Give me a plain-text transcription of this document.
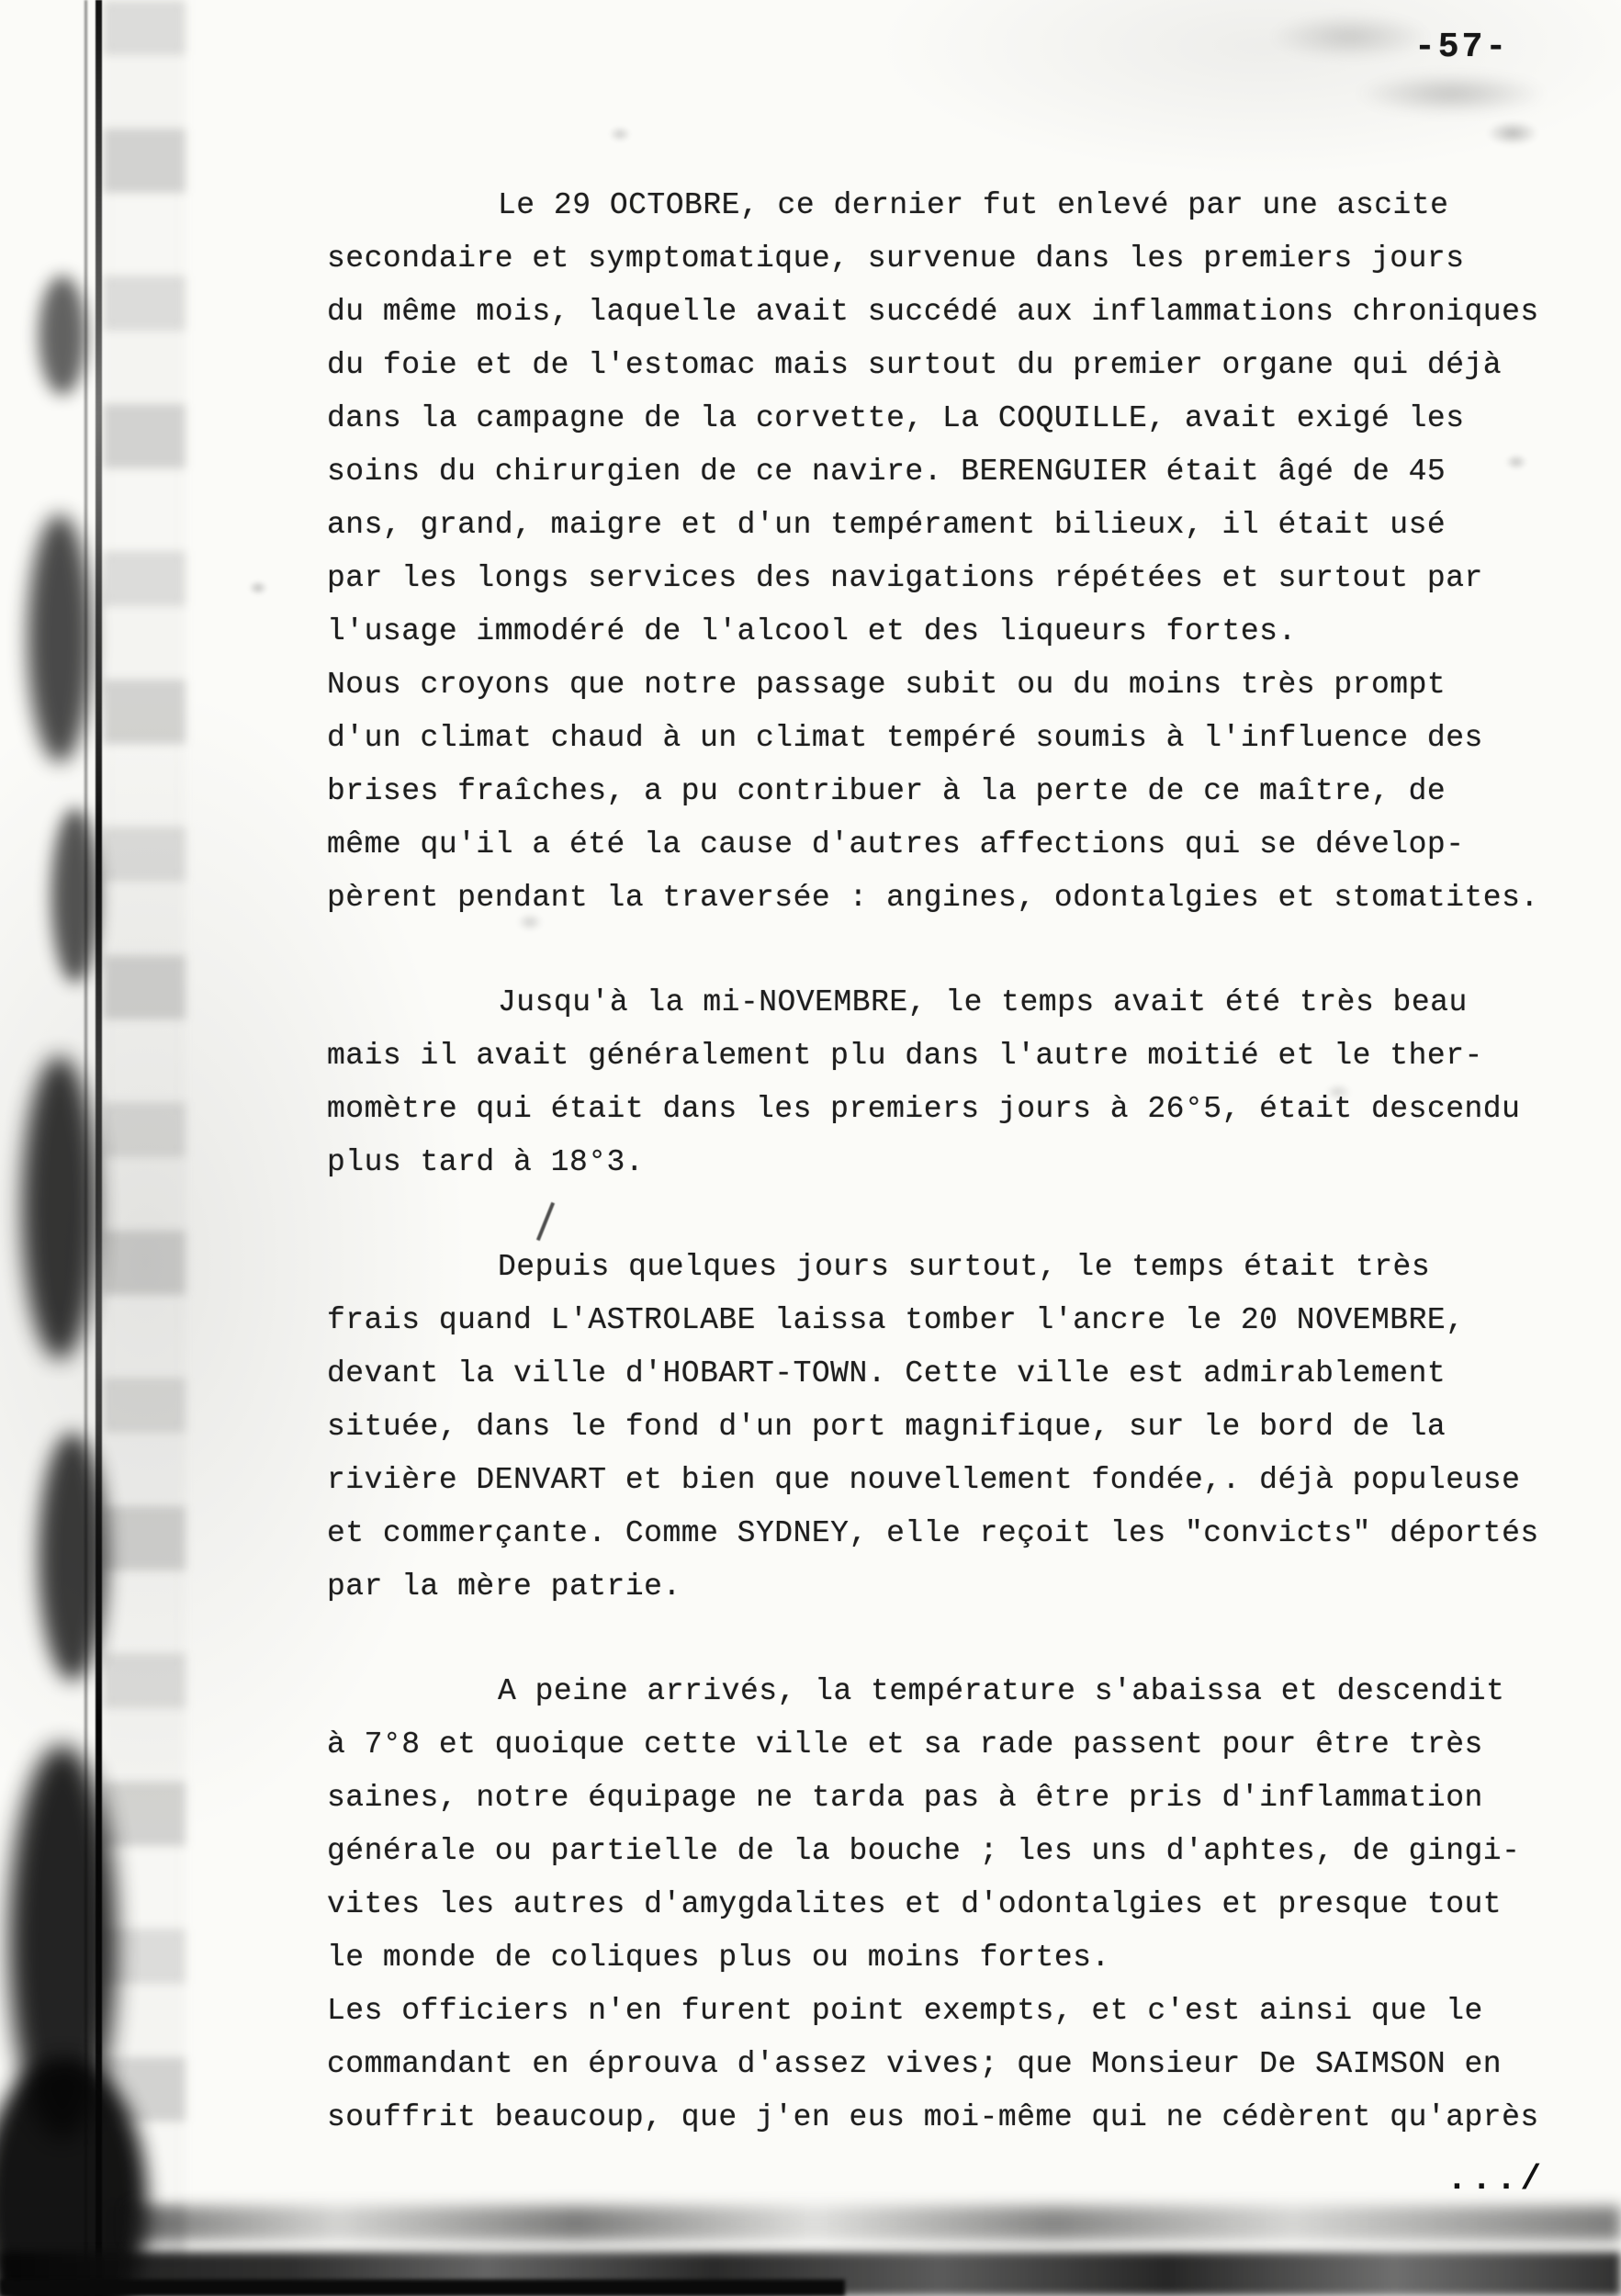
-57-
Le 29 OCTOBRE, ce dernier fut enlevé par une ascite
secondaire et symptomatique, survenue dans les premiers jours
du même mois, laquelle avait succédé aux inflammations chroniques
du foie et de l'estomac mais surtout du premier organe qui déjà
dans la campagne de la corvette, La COQUILLE, avait exigé les
soins du chirurgien de ce navire. BERENGUIER était âgé de 45
ans, grand, maigre et d'un tempérament bilieux, il était usé
par les longs services des navigations répétées et surtout par
l'usage immodéré de l'alcool et des liqueurs fortes.
Nous croyons que notre passage subit ou du moins très prompt
d'un climat chaud à un climat tempéré soumis à l'influence des
brises fraîches, a pu contribuer à la perte de ce maître, de
même qu'il a été la cause d'autres affections qui se dévelop-
pèrent pendant la traversée : angines, odontalgies et stomatites.
Jusqu'à la mi-NOVEMBRE, le temps avait été très beau
mais il avait généralement plu dans l'autre moitié et le ther-
momètre qui était dans les premiers jours à 26°5, était descendu
plus tard à 18°3.
Depuis quelques jours surtout, le temps était très
frais quand L'ASTROLABE laissa tomber l'ancre le 20 NOVEMBRE,
devant la ville d'HOBART-TOWN. Cette ville est admirablement
située, dans le fond d'un port magnifique, sur le bord de la
rivière DENVART et bien que nouvellement fondée,. déjà populeuse
et commerçante. Comme SYDNEY, elle reçoit les "convicts" déportés
par la mère patrie.
A peine arrivés, la température s'abaissa et descendit
à 7°8 et quoique cette ville et sa rade passent pour être très
saines, notre équipage ne tarda pas à être pris d'inflammation
générale ou partielle de la bouche ; les uns d'aphtes, de gingi-
vites les autres d'amygdalites et d'odontalgies et presque tout
le monde de coliques plus ou moins fortes.
Les officiers n'en furent point exempts, et c'est ainsi que le
commandant en éprouva d'assez vives; que Monsieur De SAIMSON en
souffrit beaucoup, que j'en eus moi-même qui ne cédèrent qu'après
.../
